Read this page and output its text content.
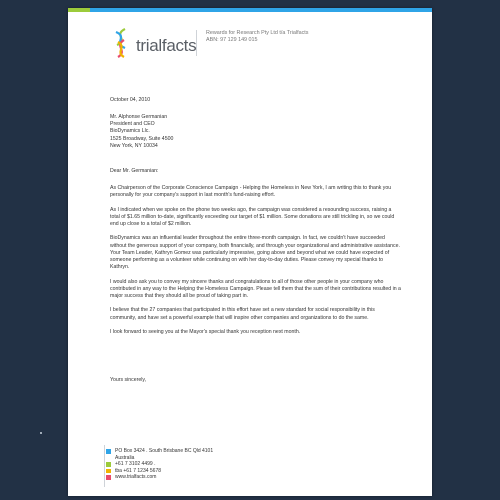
trialfacts
Rewards for Research Pty Ltd t/a Trialfacts
ABN: 97 129 149 015
October 04, 2010
Mr. Alphonse Germanian
President and CEO
BioDynamics Llc.
1525 Broadway, Suite 4500
New York, NY 10034
Dear Mr. Germanian:

As Chairperson of the Corporate Conscience Campaign - Helping the Homeless in New York, I am writing this to thank you personally for your company's support in last month's fund-raising effort.

As I indicated when we spoke on the phone two weeks ago, the campaign was considered a resounding success, raising a total of $1.65 million to-date, significantly exceeding our target of $1 million. Some donations are still trickling in, so we could end up close to a total of $2 million.

BioDynamics was an influential leader throughout the entire three-month campaign. In fact, we couldn't have succeeded without the generous support of your company, both financially, and through your organizational and administrative assistance. Your Team Leader, Kathryn Gomez was particularly impressive, going above and beyond what we could have expected of someone performing as a volunteer while continuing on with her day-to-day duties. Please convey my special thanks to Kathryn.

I would also ask you to convey my sincere thanks and congratulations to all of those other people in your company who contributed in any way to the Helping the Homeless Campaign. Please tell them that the sum of their contributions resulted in a major success that they should all be proud of taking part in.

I believe that the 27 companies that participated in this effort have set a new standard for social responsibility in this community, and have set a powerful example that will inspire other companies and organizations to do the same.

I look forward to seeing you at the Mayor's special thank you reception next month.

Yours sincerely,
PO Box 3424 . South Brisbane BC Qld 4101
Australia
+61 7 3102 4499 .
tba +61 7 1234 5678
www.trialfacts.com
